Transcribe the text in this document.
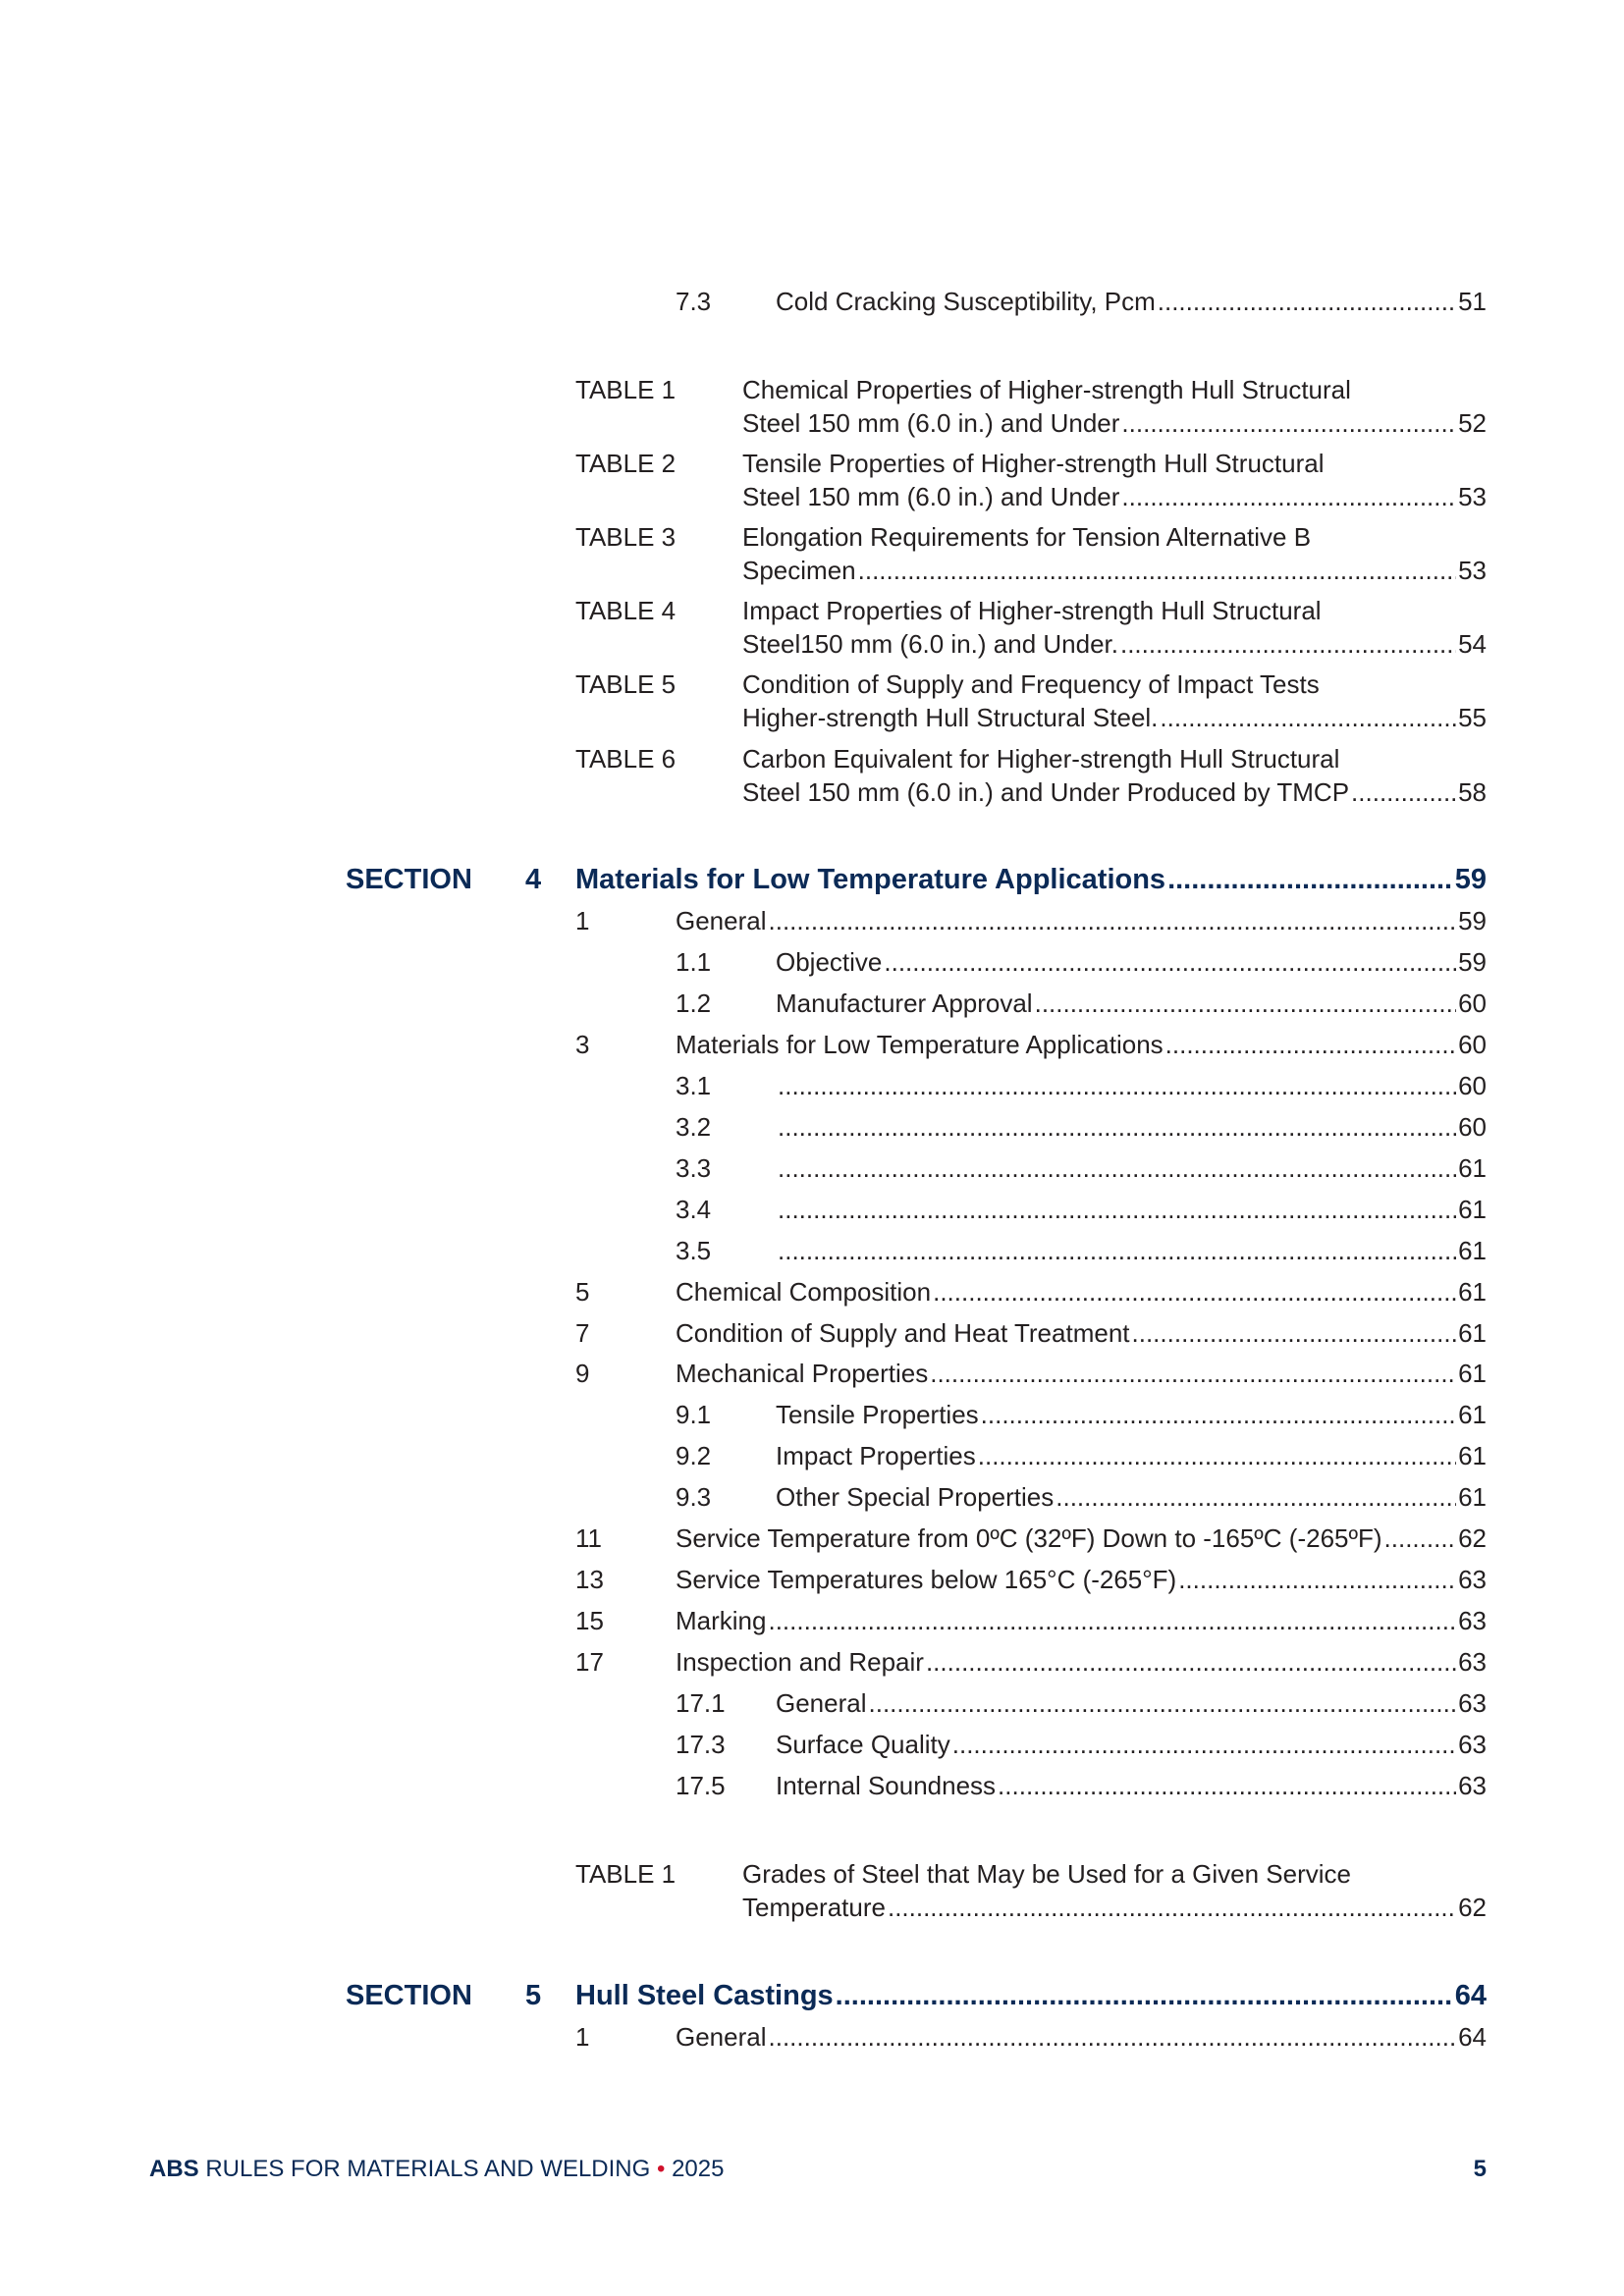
7.3	Cold Cracking Susceptibility, Pcm .....	51
TABLE 1	Chemical Properties of Higher-strength Hull Structural
Steel 150 mm (6.0 in.) and Under .....	52
TABLE 2	Tensile Properties of Higher-strength Hull Structural
Steel 150 mm (6.0 in.) and Under .....	53
TABLE 3	Elongation Requirements for Tension Alternative B
Specimen .....	53
TABLE 4	Impact Properties of Higher-strength Hull Structural
Steel150 mm (6.0 in.) and Under. .....	54
TABLE 5	Condition of Supply and Frequency of Impact Tests
Higher-strength Hull Structural Steel. .....	55
TABLE 6	Carbon Equivalent for Higher-strength Hull Structural
Steel 150 mm (6.0 in.) and Under Produced by TMCP .....	58
SECTION 4 Materials for Low Temperature Applications .....	59
1	General .....	59
1.1	Objective .....	59
1.2	Manufacturer Approval .....	60
3	Materials for Low Temperature Applications .....	60
3.1 .....	60
3.2 .....	60
3.3 .....	61
3.4 .....	61
3.5 .....	61
5	Chemical Composition .....	61
7	Condition of Supply and Heat Treatment .....	61
9	Mechanical Properties .....	61
9.1	Tensile Properties .....	61
9.2	Impact Properties .....	61
9.3	Other Special Properties .....	61
11	Service Temperature from 0ºC (32ºF) Down to -165ºC (-265ºF) .....	62
13	Service Temperatures below 165°C (-265°F) .....	63
15	Marking .....	63
17	Inspection and Repair .....	63
17.1 General .....	63
17.3 Surface Quality .....	63
17.5 Internal Soundness .....	63
TABLE 1	Grades of Steel that May be Used for a Given Service
Temperature .....	62
SECTION 5 Hull Steel Castings .....	64
1	General .....	64
ABS RULES FOR MATERIALS AND WELDING • 2025	5
